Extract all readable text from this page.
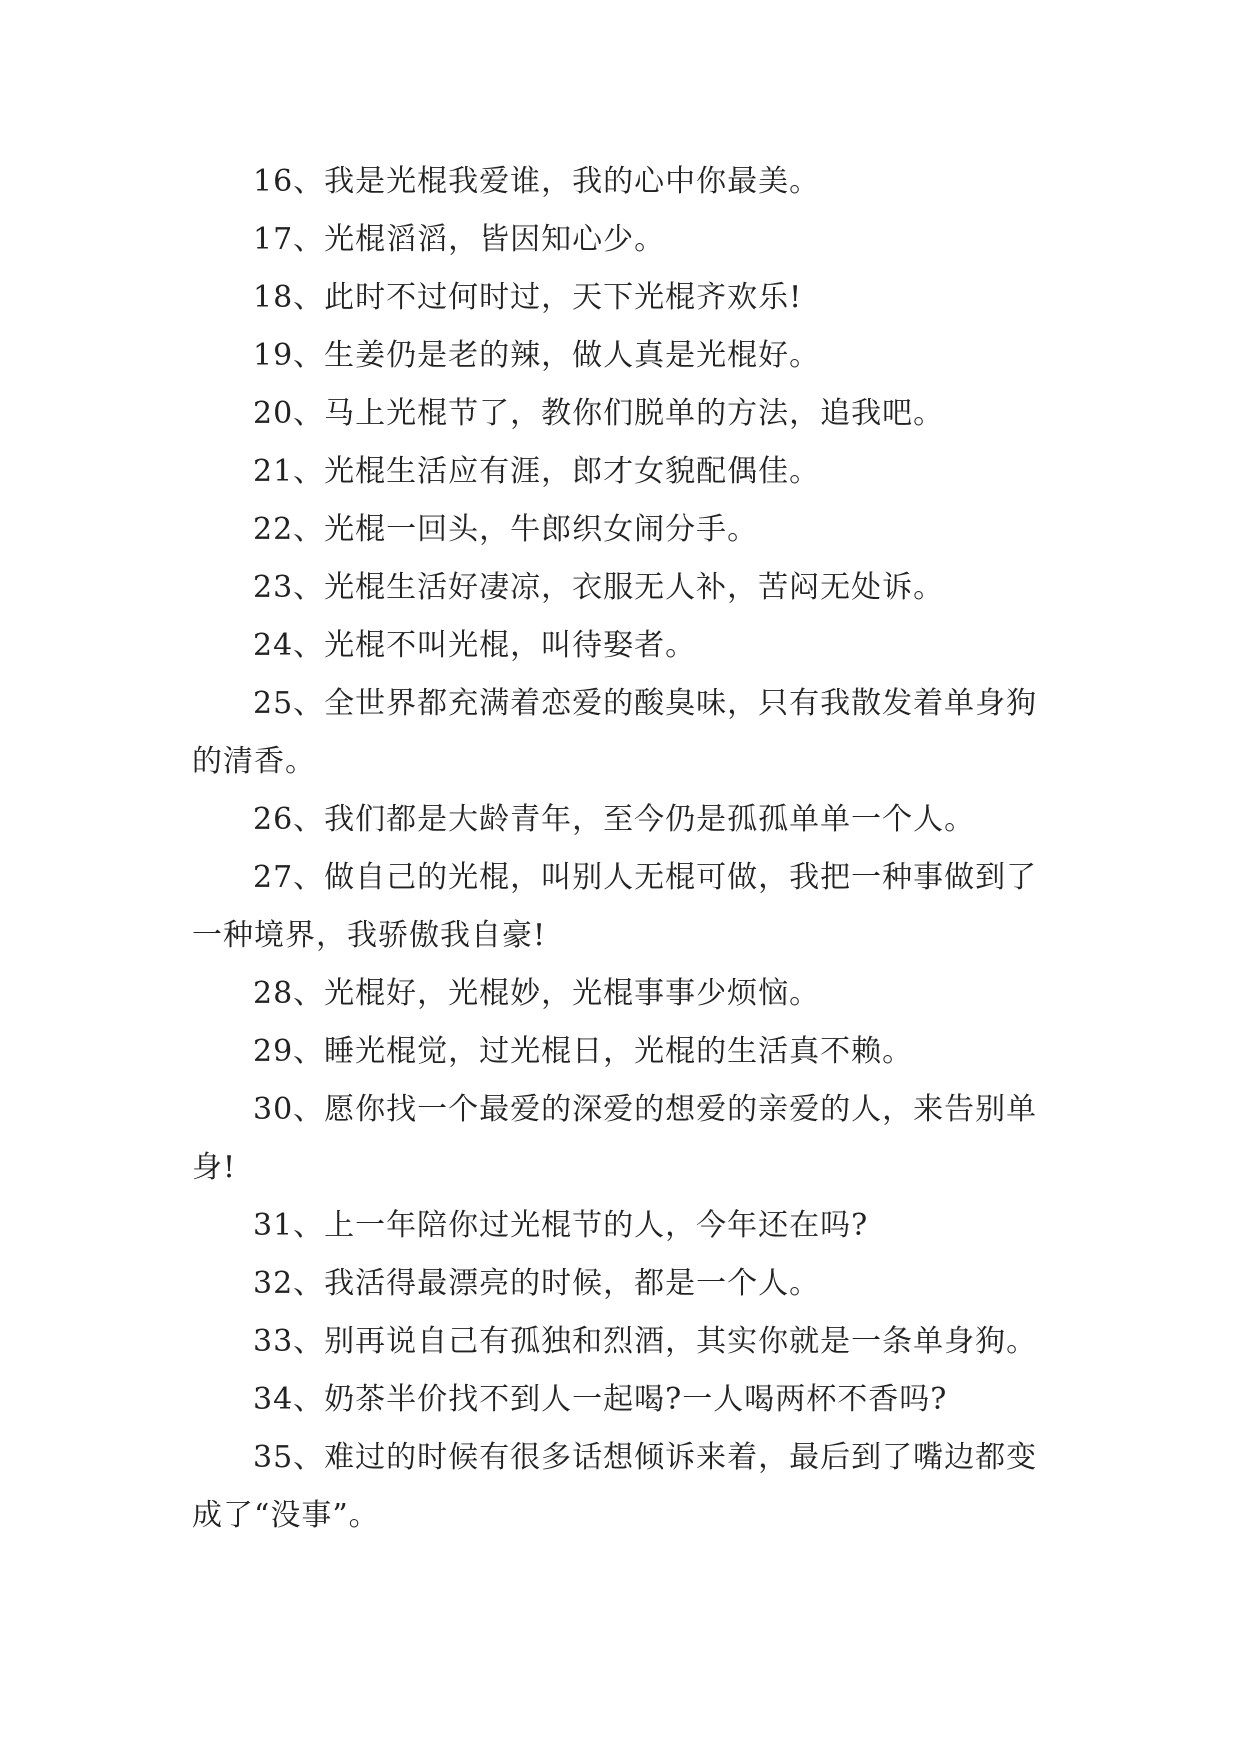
16、我是光棍我爱谁，我的心中你最美。

17、光棍滔滔，皆因知心少。

18、此时不过何时过，天下光棍齐欢乐!

19、生姜仍是老的辣，做人真是光棍好。

20、马上光棍节了，教你们脱单的方法，追我吧。

21、光棍生活应有涯，郎才女貌配偶佳。

22、光棍一回头，牛郎织女闹分手。

23、光棍生活好凄凉，衣服无人补，苦闷无处诉。

24、光棍不叫光棍，叫待娶者。

25、全世界都充满着恋爱的酸臭味，只有我散发着单身狗的清香。

26、我们都是大龄青年，至今仍是孤孤单单一个人。

27、做自己的光棍，叫别人无棍可做，我把一种事做到了一种境界，我骄傲我自豪!

28、光棍好，光棍妙，光棍事事少烦恼。

29、睡光棍觉，过光棍日，光棍的生活真不赖。

30、愿你找一个最爱的深爱的想爱的亲爱的人，来告别单身!

31、上一年陪你过光棍节的人，今年还在吗?

32、我活得最漂亮的时候，都是一个人。

33、别再说自己有孤独和烈酒，其实你就是一条单身狗。

34、奶茶半价找不到人一起喝?一人喝两杯不香吗?

35、难过的时候有很多话想倾诉来着，最后到了嘴边都变成了“没事”。
